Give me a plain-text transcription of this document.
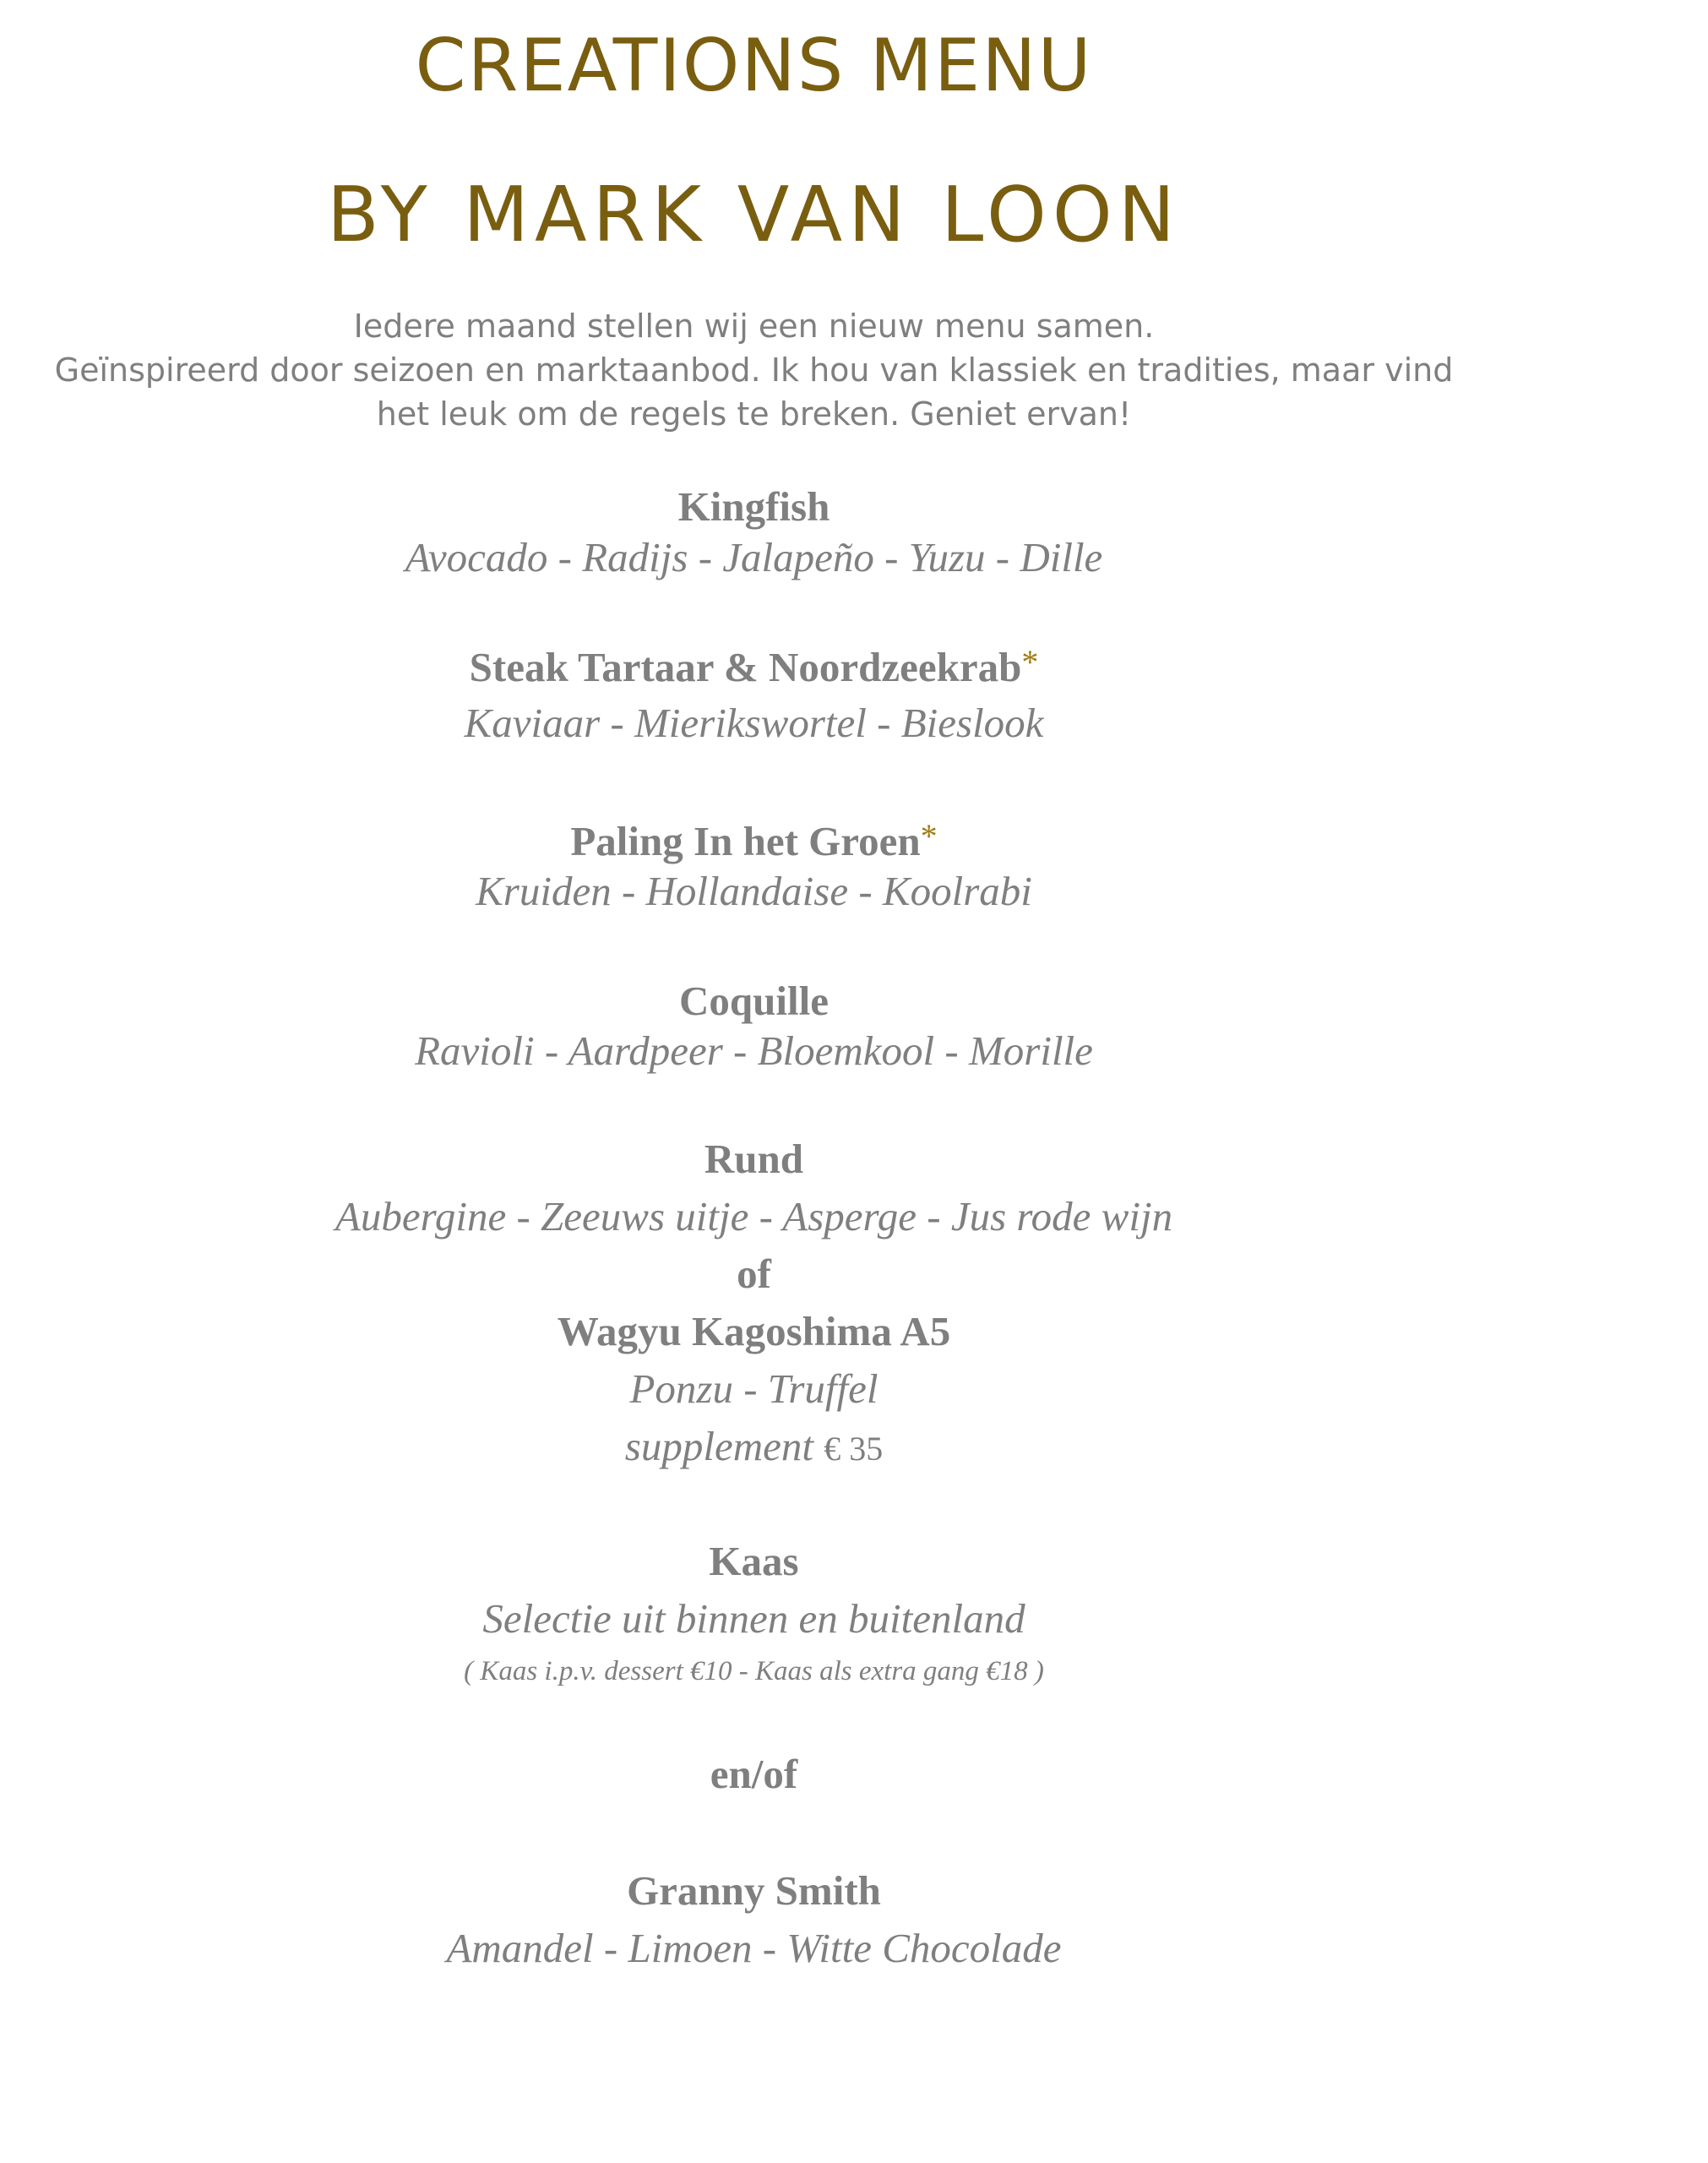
CREATIONS MENU
BY MARK VAN LOON
Iedere maand stellen wij een nieuw menu samen.
Geïnspireerd door seizoen en marktaanbod. Ik hou van klassiek en tradities, maar vind
het leuk om de regels te breken. Geniet ervan!
Kingfish
Avocado - Radijs - Jalapeño - Yuzu - Dille
Steak Tartaar & Noordzeekrab*
Kaviaar - Mierikswortel - Bieslook
Paling In het Groen*
Kruiden - Hollandaise - Koolrabi
Coquille
Ravioli - Aardpeer - Bloemkool - Morille
Rund
Aubergine - Zeeuws uitje - Asperge - Jus rode wijn
of
Wagyu Kagoshima A5
Ponzu - Truffel
supplement € 35
Kaas
Selectie uit binnen en buitenland
( Kaas i.p.v. dessert €10 - Kaas als extra gang €18 )
en/of
Granny Smith
Amandel - Limoen - Witte Chocolade
